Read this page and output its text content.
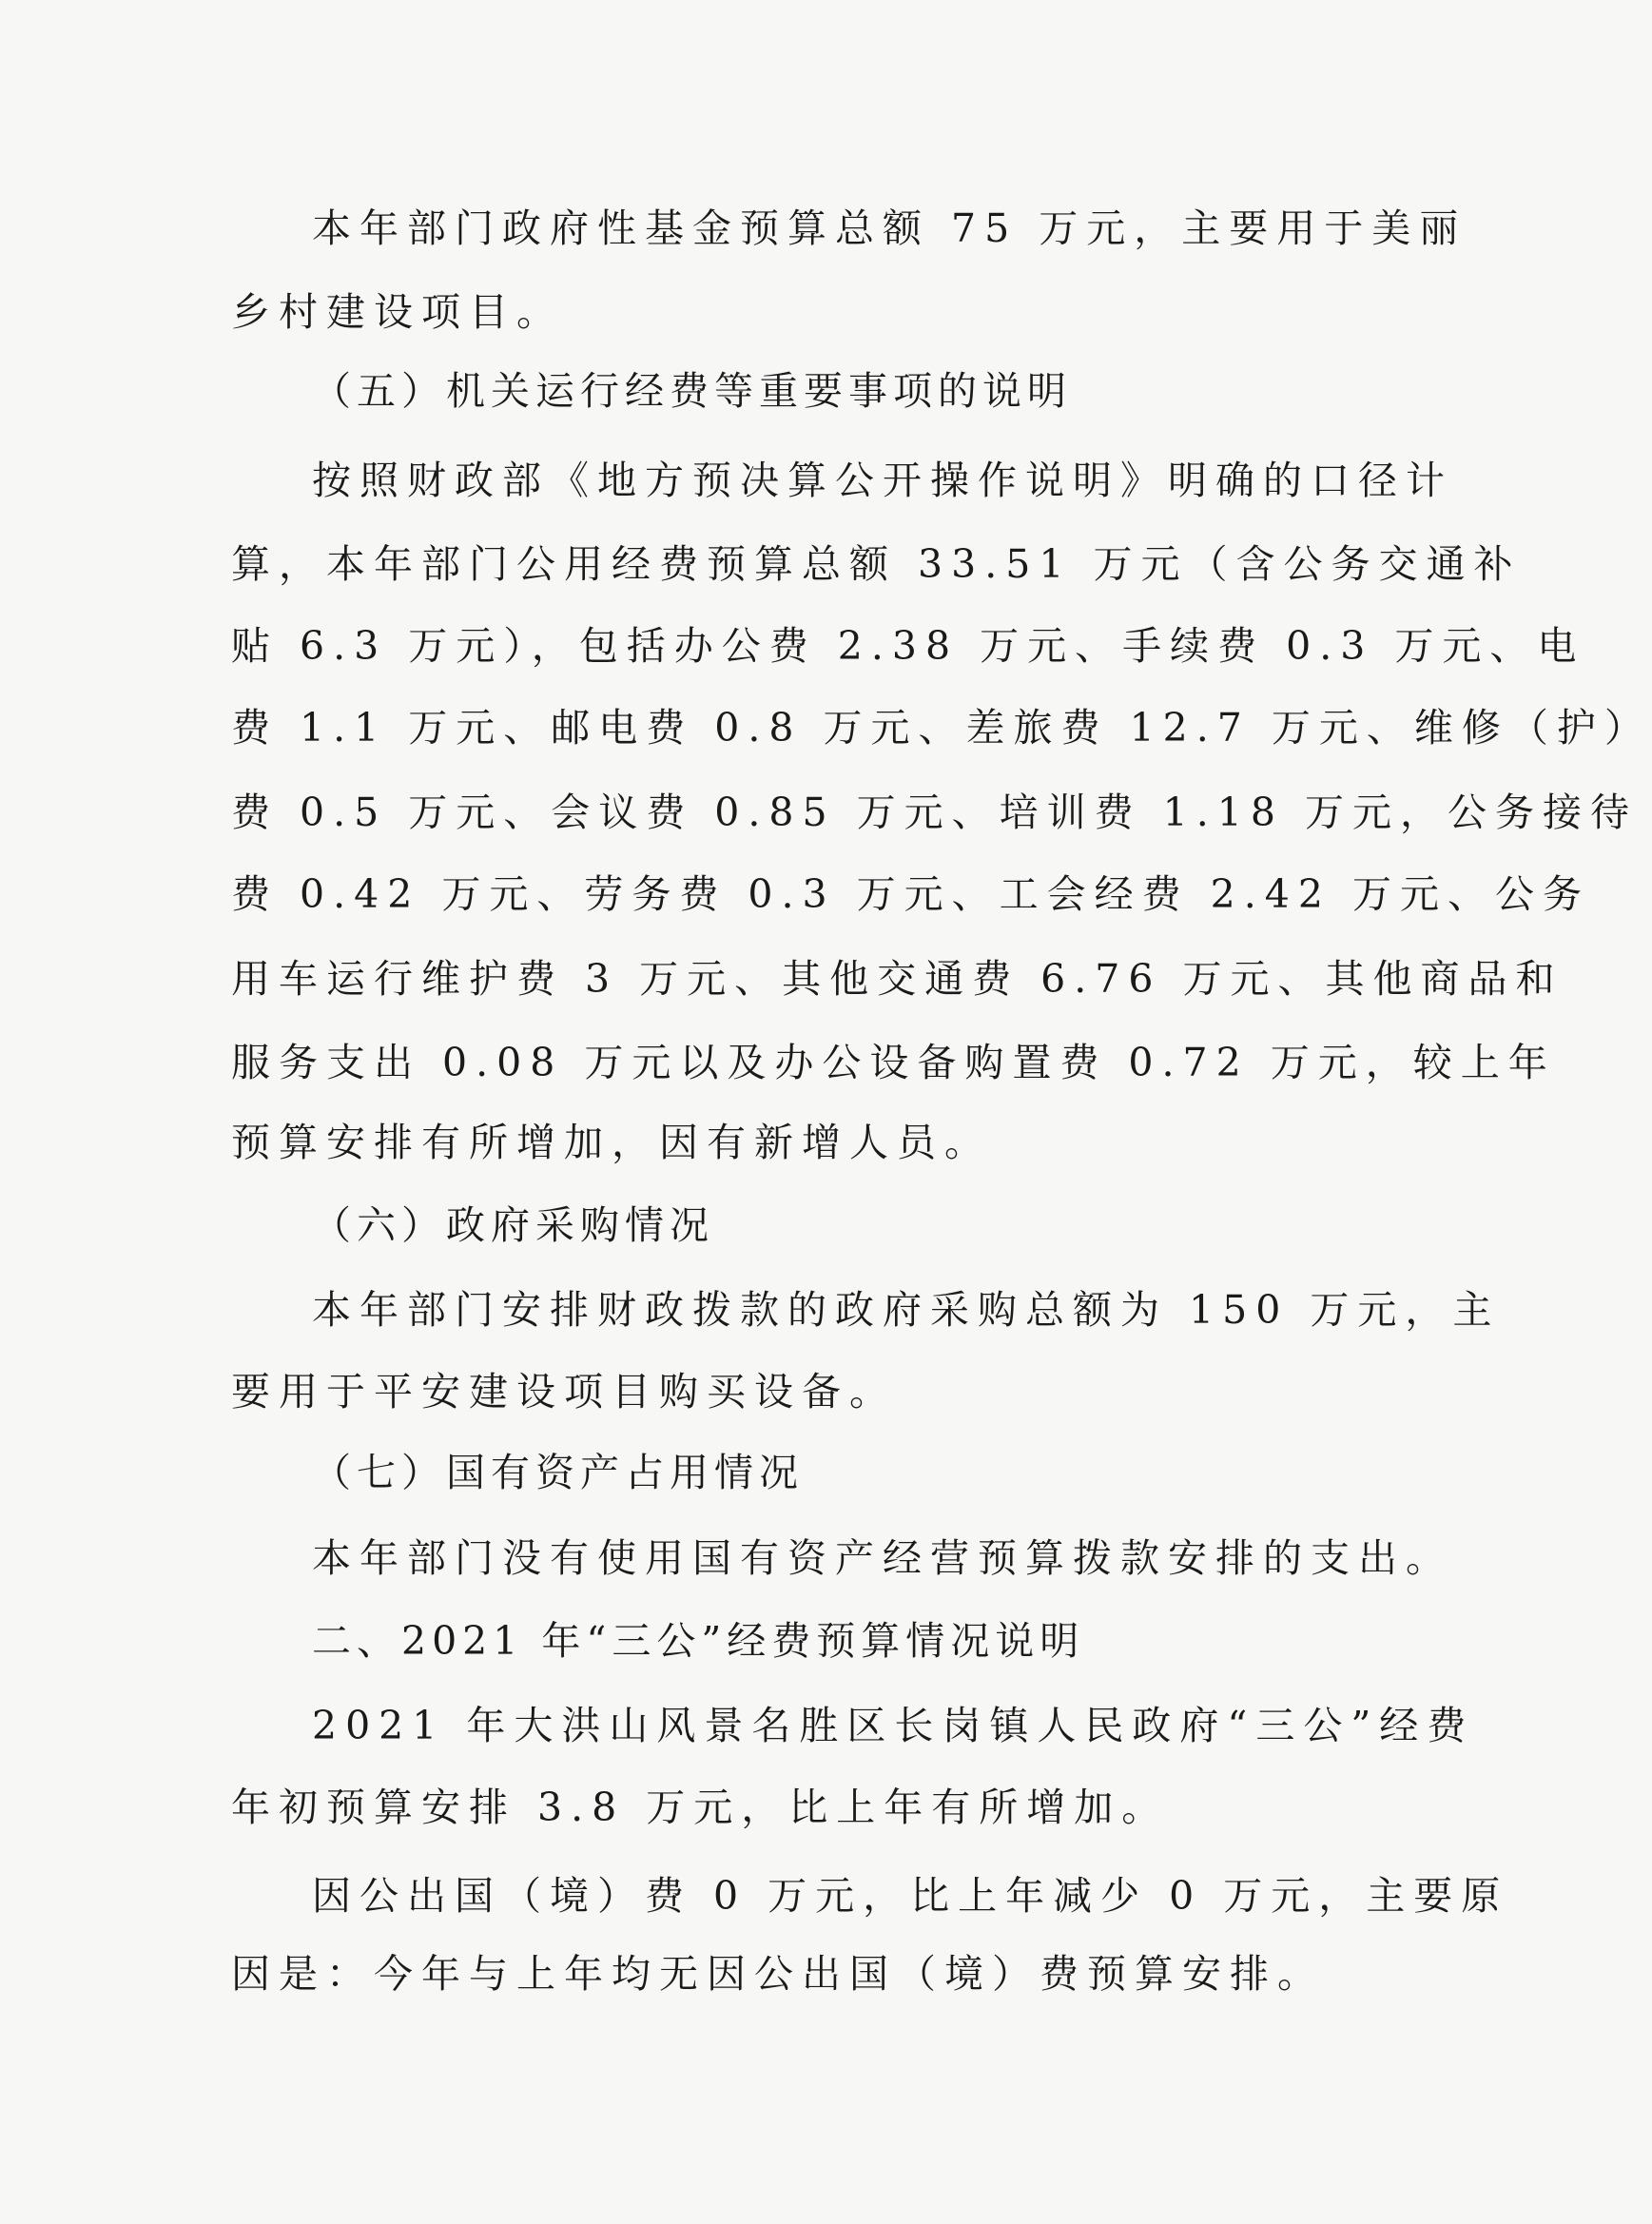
本年部门政府性基金预算总额 75 万元，主要用于美丽
乡村建设项目。
（五）机关运行经费等重要事项的说明
按照财政部《地方预决算公开操作说明》明确的口径计
算，本年部门公用经费预算总额 33.51 万元（含公务交通补
贴 6.3 万元），包括办公费 2.38 万元、手续费 0.3 万元、电
费 1.1 万元、邮电费 0.8 万元、差旅费 12.7 万元、维修（护）
费 0.5 万元、会议费 0.85 万元、培训费 1.18 万元，公务接待
费 0.42 万元、劳务费 0.3 万元、工会经费 2.42 万元、公务
用车运行维护费 3 万元、其他交通费 6.76 万元、其他商品和
服务支出 0.08 万元以及办公设备购置费 0.72 万元，较上年
预算安排有所增加，因有新增人员。
（六）政府采购情况
本年部门安排财政拨款的政府采购总额为 150 万元，主
要用于平安建设项目购买设备。
（七）国有资产占用情况
本年部门没有使用国有资产经营预算拨款安排的支出。
二、2021 年“三公”经费预算情况说明
2021 年大洪山风景名胜区长岗镇人民政府“三公”经费
年初预算安排 3.8 万元，比上年有所增加。
因公出国（境）费 0 万元，比上年减少 0 万元，主要原
因是：今年与上年均无因公出国（境）费预算安排。
